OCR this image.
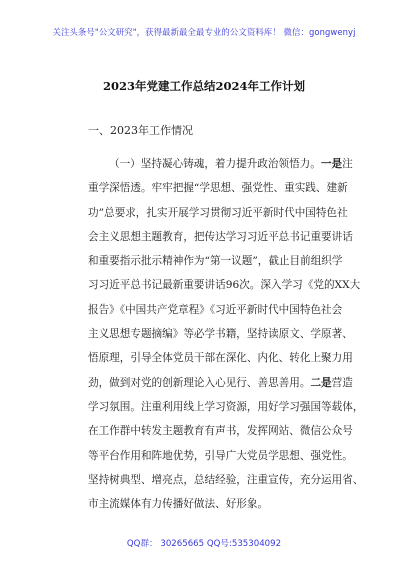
关注头条号"公文研究"，获得最新最全最专业的公文资料库！ 微信：gongwenyj
2023年党建工作总结2024年工作计划
一、2023年工作情况
（一）坚持凝心铸魂，着力提升政治领悟力。一是注
重学深悟透。牢牢把握“学思想、强党性、重实践、建新
功”总要求，扎实开展学习贯彻习近平新时代中国特色社
会主义思想主题教育，把传达学习习近平总书记重要讲话
和重要指示批示精神作为“第一议题”，截止目前组织学
习习近平总书记最新重要讲话96次。深入学习《党的XX大
报告》《中国共产党章程》《习近平新时代中国特色社会
主义思想专题摘编》等必学书籍，坚持读原文、学原著、
悟原理，引导全体党员干部在深化、内化、转化上聚力用
劲，做到对党的创新理论入心见行、善思善用。二是营造
学习氛围。注重利用线上学习资源，用好学习强国等载体，
在工作群中转发主题教育有声书，发挥网站、微信公众号
等平台作用和阵地优势，引导广大党员学思想、强党性。
坚持树典型、增亮点，总结经验，注重宣传，充分运用省、
市主流媒体有力传播好做法、好形象。
QQ群： 30265665 QQ号:535304092
